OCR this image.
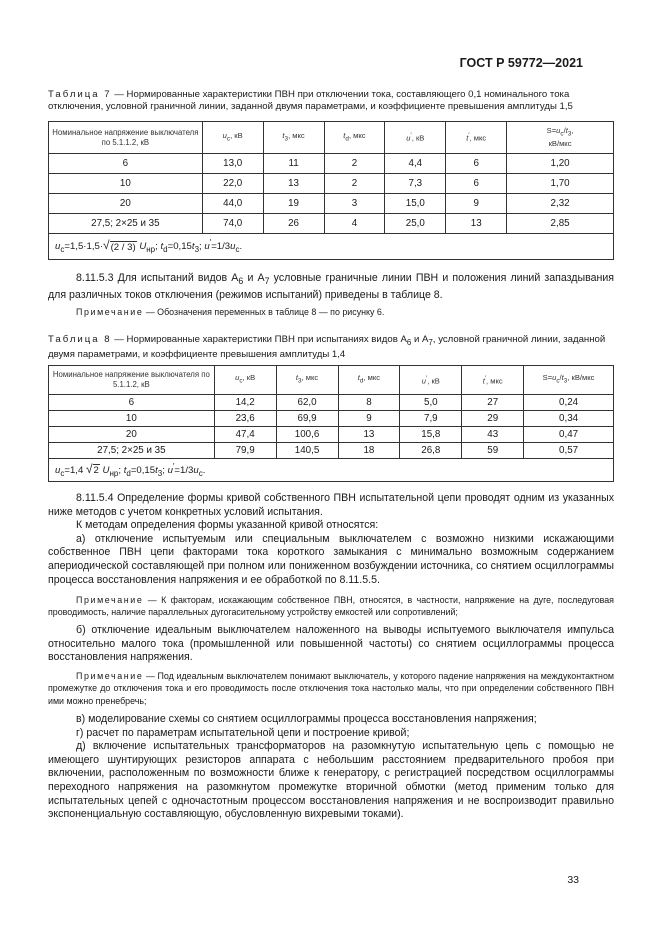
ГОСТ Р 59772—2021
Таблица 7 — Нормированные характеристики ПВН при отключении тока, составляющего 0,1 номинального тока отключения, условной граничной линии, заданной двумя параметрами, и коэффициенте превышения амплитуды 1,5
Номинальное напряжение выключателя по 5.1.1.2, кВ	$u_c$, кВ	$t_3$, мкс	$t_d$, мкс	u′, кВ	t′, мкс	$S=u_c/t_3$,
кВ/мкс
6	13,0	11	2	4,4	6	1,20
10	22,0	13	2	7,3	6	1,70
20	44,0	19	3	15,0	9	2,32
27,5; 2×25 и 35	74,0	26	4	25,0	13	2,85
$u_c=1,5\cdot 1,5\cdot√(2 / 3)$ $U_{нр}$; $t_d=0,15t_3$; $u'=1/3u_c$.						

8.11.5.3 Для испытаний видов $А_6$ и $А_7$ условные граничные линии ПВН и положения линий запаздывания для различных токов отключения (режимов испытаний) приведены в таблице 8.

Примечание — Обозначения переменных в таблице 8 — по рисунку 6.

Таблица 8 — Нормированные характеристики ПВН при испытаниях видов $А_6$ и $А_7$, условной граничной линии, заданной двумя параметрами, и коэффициенте превышения амплитуды 1,4
Номинальное напряжение выключателя по 5.1.1.2, кВ	$u_c$, кВ	$t_3$, мкс	$t_d$, мкс	u′, кВ	t′, мкс	$S=u_c/t_3$, кВ/мкс
6	14,2	62,0	8	5,0	27	0,24
10	23,6	69,9	9	7,9	29	0,34
20	47,4	100,6	13	15,8	43	0,47
27,5; 2×25 и 35	79,9	140,5	18	26,8	59	0,57
$u_c=1,4$ √2 $U_{нр}$; $t_d=0,15t_3$; $u'=1/3u_c$.						

8.11.5.4 Определение формы кривой собственного ПВН испытательной цепи проводят одним из указанных ниже методов с учетом конкретных условий испытания.

К методам определения формы указанной кривой относятся:

а) отключение испытуемым или специальным выключателем с возможно низкими искажающими собственное ПВН цепи факторами тока короткого замыкания с минимально возможным содержанием апериодической составляющей при полном или пониженном возбуждении источника, со снятием осциллограммы процесса восстановления напряжения и ее обработкой по 8.11.5.5.

Примечание — К факторам, искажающим собственное ПВН, относятся, в частности, напряжение на дуге, последуговая проводимость, наличие параллельных дугогасительному устройству емкостей или сопротивлений;

б) отключение идеальным выключателем наложенного на выводы испытуемого выключателя импульса относительно малого тока (промышленной или повышенной частоты) со снятием осциллограммы процесса восстановления напряжения.

Примечание — Под идеальным выключателем понимают выключатель, у которого падение напряжения на междуконтактном промежутке до отключения тока и его проводимость после отключения тока настолько малы, что при определении собственного ПВН ими можно пренебречь;

в) моделирование схемы со снятием осциллограммы процесса восстановления напряжения;

г) расчет по параметрам испытательной цепи и построение кривой;

д) включение испытательных трансформаторов на разомкнутую испытательную цепь с помощью не имеющего шунтирующих резисторов аппарата с небольшим расстоянием предварительного пробоя при включении, расположенным по возможности ближе к генератору, с регистрацией посредством осциллограммы переходного напряжения на разомкнутом промежутке вторичной обмотки (метод применим только для испытательных цепей с одночастотным процессом восстановления напряжения и не воспроизводит правильно экспоненциальную составляющую, обусловленную вихревыми токами).

33
